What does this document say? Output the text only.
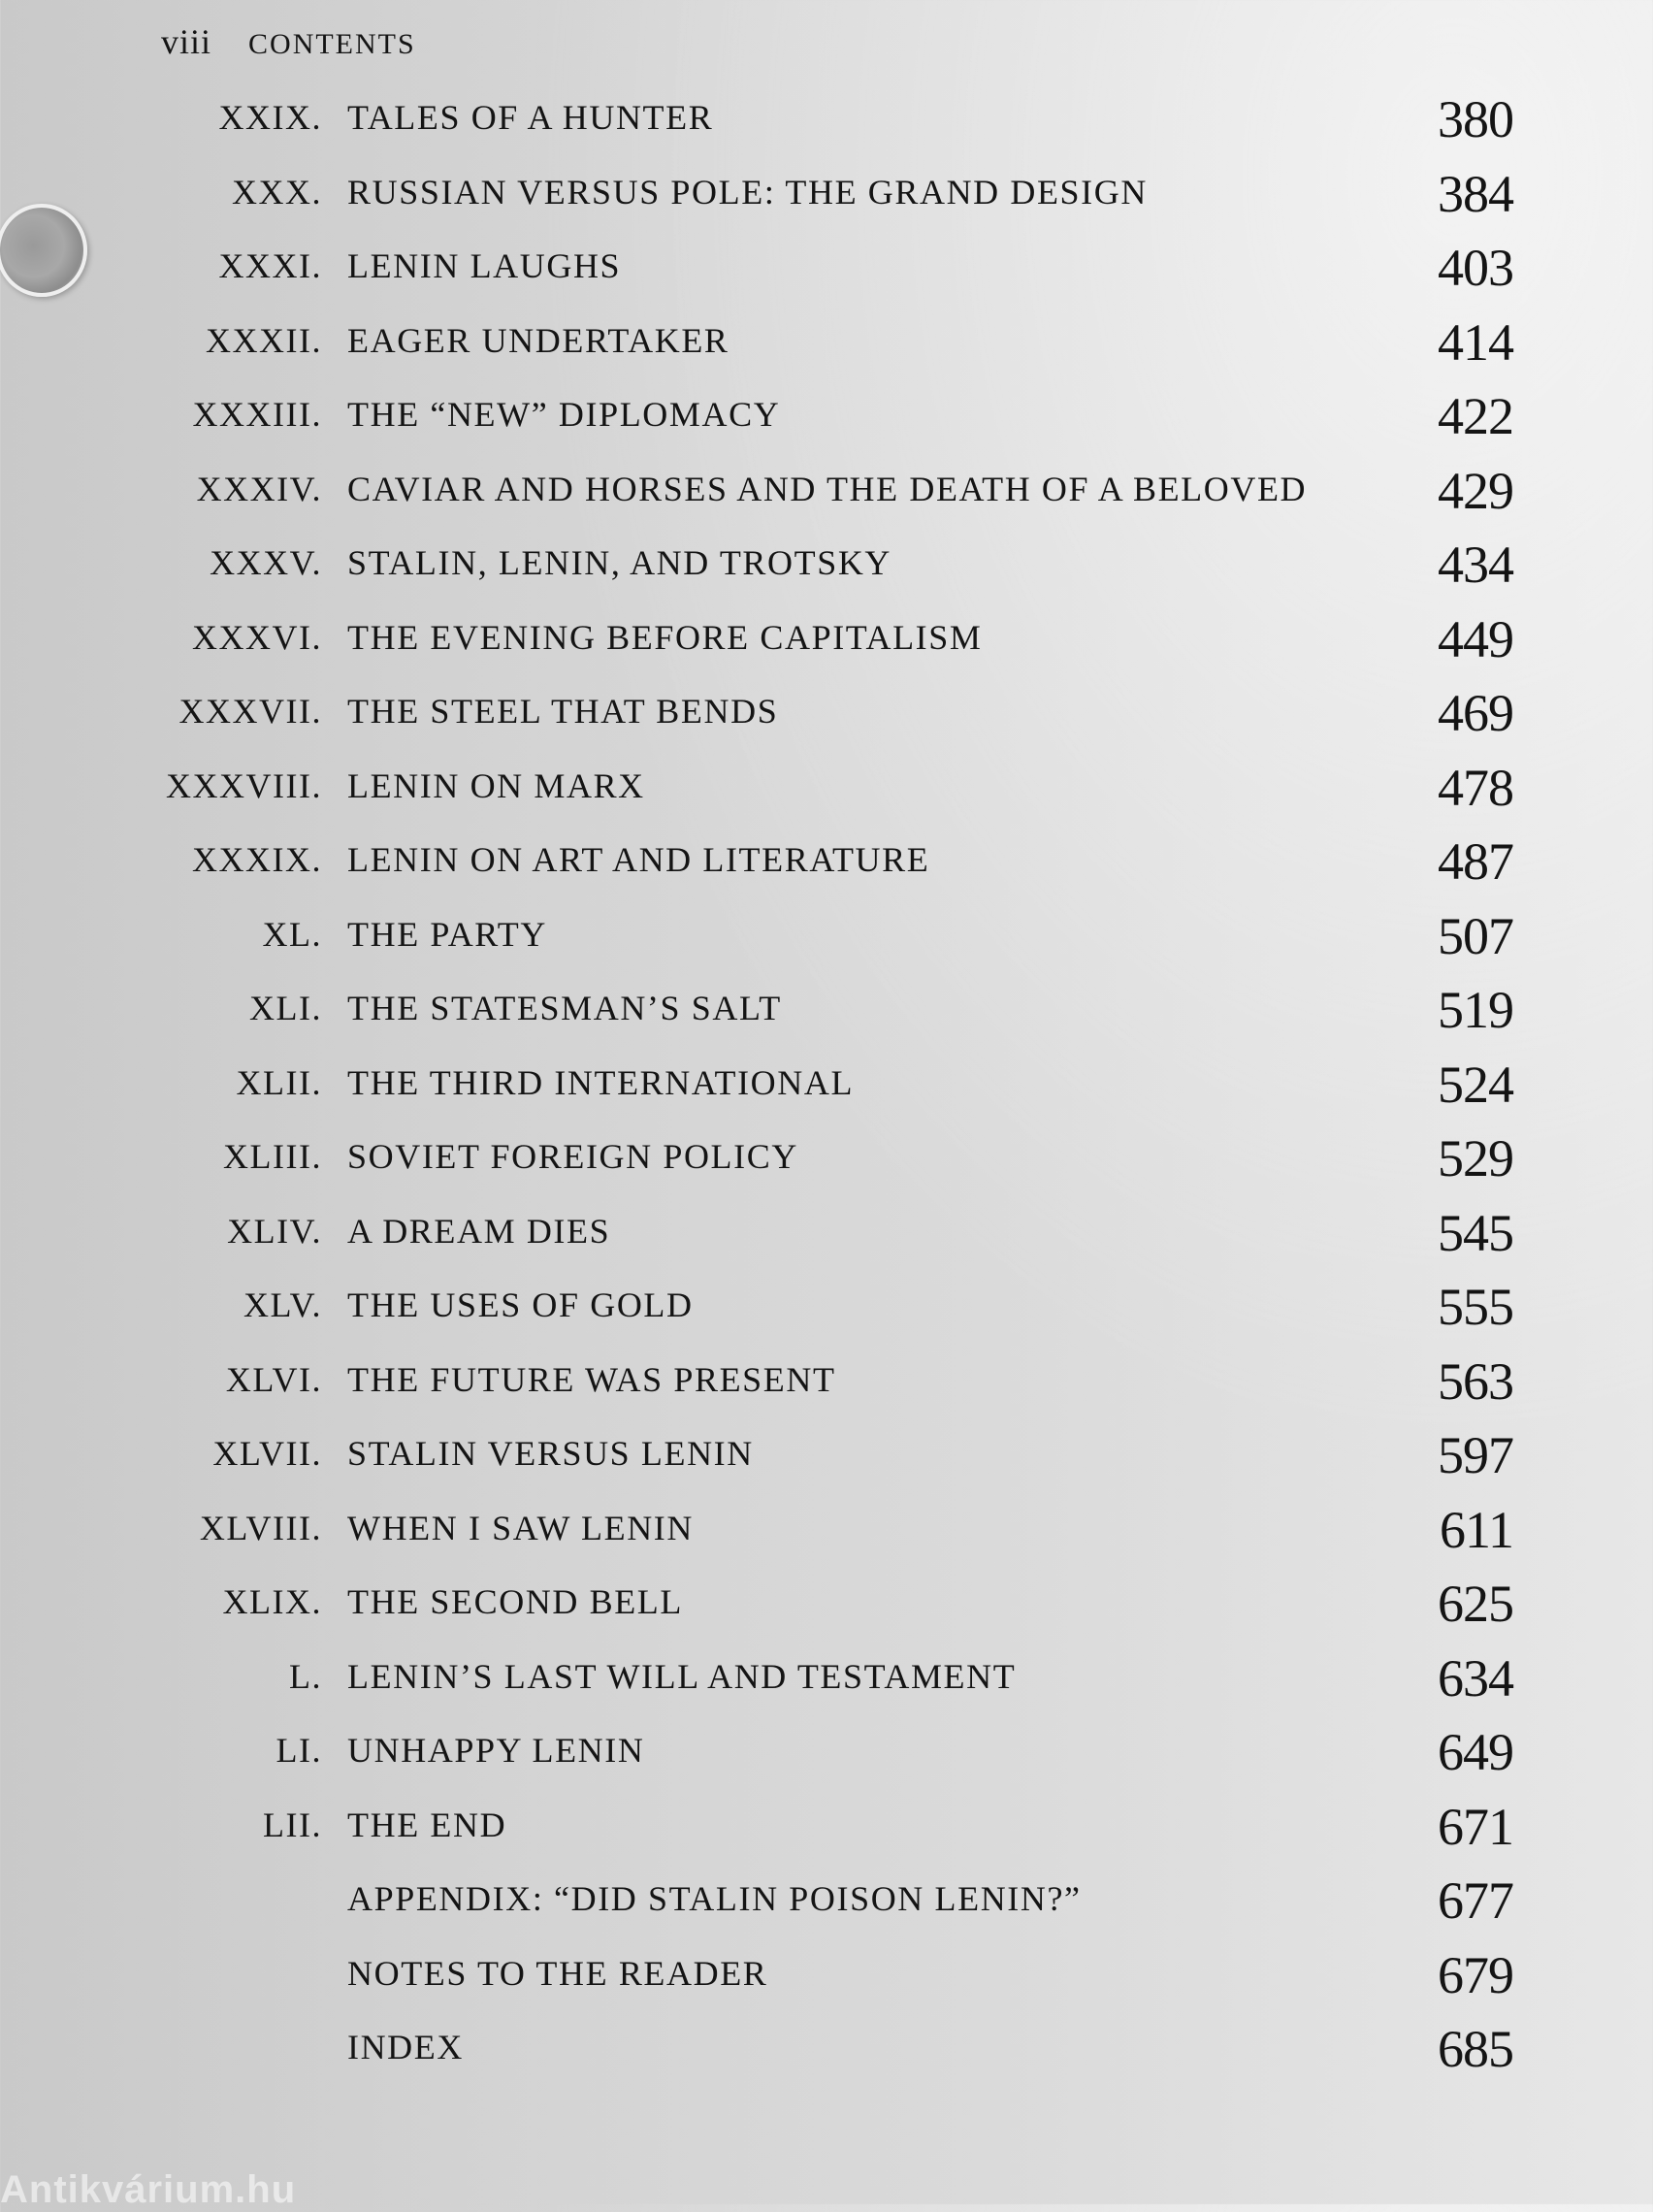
viii CONTENTS
XXIX. TALES OF A HUNTER	380
XXX. RUSSIAN VERSUS POLE: THE GRAND DESIGN	384
XXXI. LENIN LAUGHS	403
XXXII. EAGER UNDERTAKER	414
XXXIII. THE “NEW” DIPLOMACY	422
XXXIV. CAVIAR AND HORSES AND THE DEATH OF A BELOVED 429
XXXV. STALIN, LENIN, AND TROTSKY	434
XXXVI. THE EVENING BEFORE CAPITALISM	449
XXXVII. THE STEEL THAT BENDS	469
XXXVIII. LENIN ON MARX	478
XXXIX. LENIN ON ART AND LITERATURE	487
XL. THE PARTY	507
XLI. THE STATESMAN’S SALT	519
XLII. THE THIRD INTERNATIONAL	524
XLIII. SOVIET FOREIGN POLICY	529
XLIV. A DREAM DIES	545
XLV. THE USES OF GOLD	555
XLVI. THE FUTURE WAS PRESENT	563
XLVII. STALIN VERSUS LENIN	597
XLVIII. WHEN I SAW LENIN	611
XLIX. THE SECOND BELL	625
L. LENIN’S LAST WILL AND TESTAMENT	634
LI. UNHAPPY LENIN	649
LII. THE END	671
APPENDIX: “DID STALIN POISON LENIN?”	677
NOTES TO THE READER	679
INDEX	685
Antikvárium.hu
